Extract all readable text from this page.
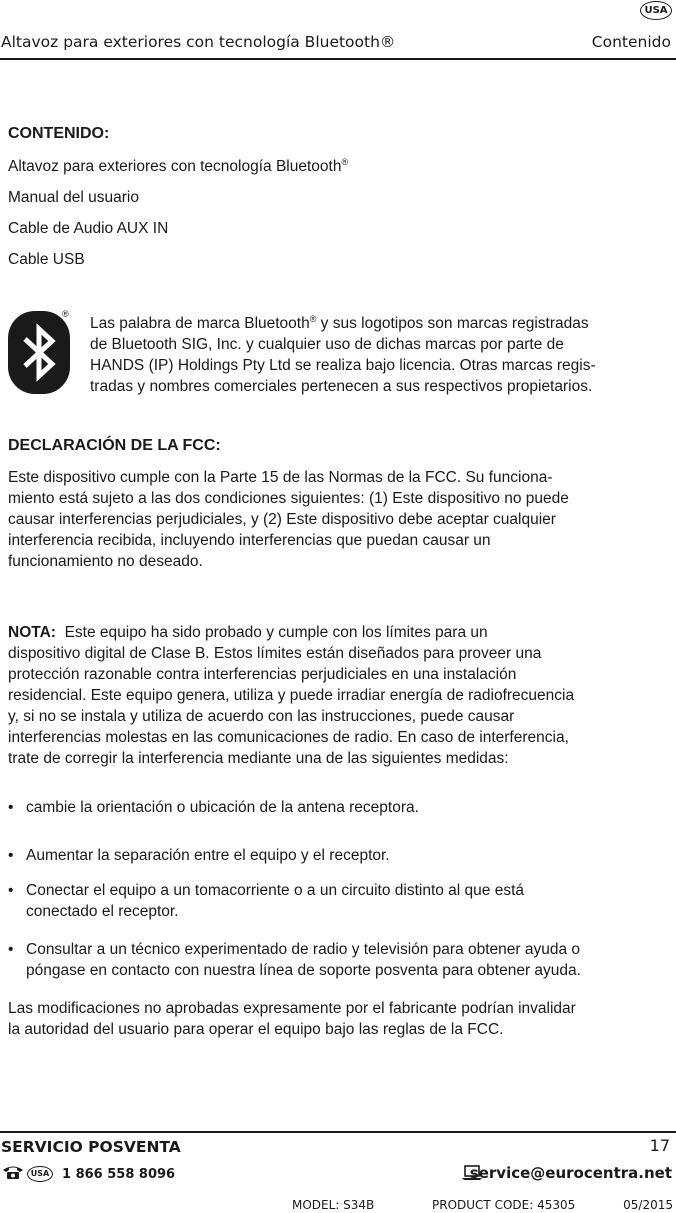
USA
Altavoz para exteriores con tecnología Bluetooth®	Contenido
CONTENIDO:
Altavoz para exteriores con tecnología Bluetooth®
Manual del usuario
Cable de Audio AUX IN
Cable USB
®
Las palabra de marca Bluetooth® y sus logotipos son marcas registradas
de Bluetooth SIG, Inc. y cualquier uso de dichas marcas por parte de
HANDS (IP) Holdings Pty Ltd se realiza bajo licencia. Otras marcas regis-
tradas y nombres comerciales pertenecen a sus respectivos propietarios.
DECLARACIÓN DE LA FCC:
Este dispositivo cumple con la Parte 15 de las Normas de la FCC. Su funciona-
miento está sujeto a las dos condiciones siguientes: (1) Este dispositivo no puede
causar interferencias perjudiciales, y (2) Este dispositivo debe aceptar cualquier
interferencia recibida, incluyendo interferencias que puedan causar un
funcionamiento no deseado.
NOTA: Este equipo ha sido probado y cumple con los límites para un
dispositivo digital de Clase B. Estos límites están diseñados para proveer una
protección razonable contra interferencias perjudiciales en una instalación
residencial. Este equipo genera, utiliza y puede irradiar energía de radiofrecuencia
y, si no se instala y utiliza de acuerdo con las instrucciones, puede causar
interferencias molestas en las comunicaciones de radio. En caso de interferencia,
trate de corregir la interferencia mediante una de las siguientes medidas:
• cambie la orientación o ubicación de la antena receptora.
• Aumentar la separación entre el equipo y el receptor.
• Conectar el equipo a un tomacorriente o a un circuito distinto al que está
conectado el receptor.
• Consultar a un técnico experimentado de radio y televisión para obtener ayuda o
póngase en contacto con nuestra línea de soporte posventa para obtener ayuda.
Las modificaciones no aprobadas expresamente por el fabricante podrían invalidar
la autoridad del usuario para operar el equipo bajo las reglas de la FCC.
SERVICIO POSVENTA	17
USA 1 866 558 8096	service@eurocentra.net
MODEL: S34B	PRODUCT CODE: 45305	05/2015
